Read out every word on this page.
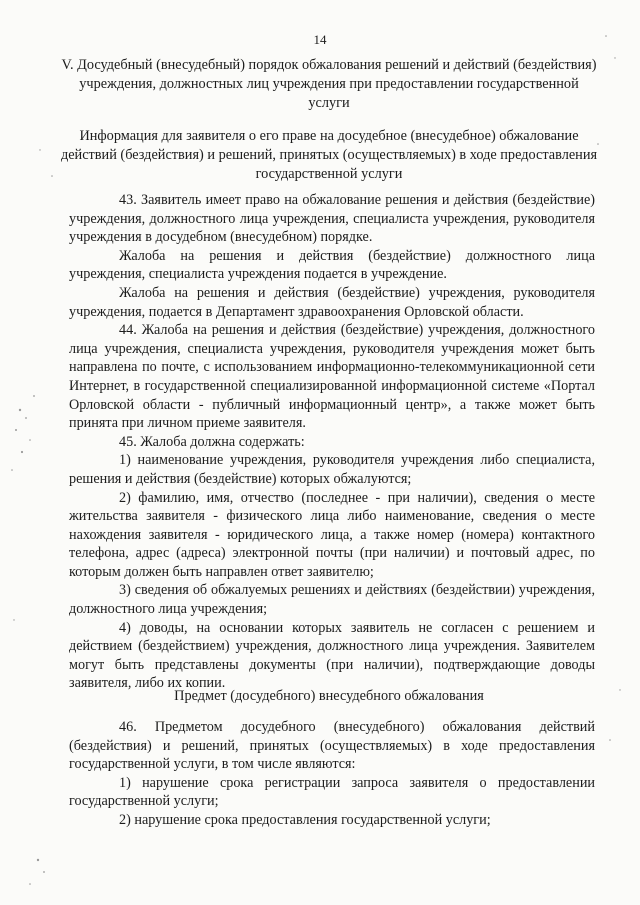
14
V. Досудебный (внесудебный) порядок обжалования решений и действий (бездействия) учреждения, должностных лиц учреждения при предоставлении государственной услуги
Информация для заявителя о его праве на досудебное (внесудебное) обжалование действий (бездействия) и решений, принятых (осуществляемых) в ходе предоставления государственной услуги

43. Заявитель имеет право на обжалование решения и действия (бездействие) учреждения, должностного лица учреждения, специалиста учреждения, руководителя учреждения в досудебном (внесудебном) порядке.

Жалоба на решения и действия (бездействие) должностного лица учреждения, специалиста учреждения подается в учреждение.

Жалоба на решения и действия (бездействие) учреждения, руководителя учреждения, подается в Департамент здравоохранения Орловской области.

44. Жалоба на решения и действия (бездействие) учреждения, должностного лица учреждения, специалиста учреждения, руководителя учреждения может быть направлена по почте, с использованием информационно-телекоммуникационной сети Интернет, в государственной специализированной информационной системе «Портал Орловской области - публичный информационный центр», а также может быть принята при личном приеме заявителя.

45. Жалоба должна содержать:

1) наименование учреждения, руководителя учреждения либо специалиста, решения и действия (бездействие) которых обжалуются;

2) фамилию, имя, отчество (последнее - при наличии), сведения о месте жительства заявителя - физического лица либо наименование, сведения о месте нахождения заявителя - юридического лица, а также номер (номера) контактного телефона, адрес (адреса) электронной почты (при наличии) и почтовый адрес, по которым должен быть направлен ответ заявителю;

3) сведения об обжалуемых решениях и действиях (бездействии) учреждения, должностного лица учреждения;

4) доводы, на основании которых заявитель не согласен с решением и действием (бездействием) учреждения, должностного лица учреждения. Заявителем могут быть представлены документы (при наличии), подтверждающие доводы заявителя, либо их копии.

Предмет (досудебного) внесудебного обжалования

46. Предметом досудебного (внесудебного) обжалования действий (бездействия) и решений, принятых (осуществляемых) в ходе предоставления государственной услуги, в том числе являются:

1) нарушение срока регистрации запроса заявителя о предоставлении государственной услуги;

2) нарушение срока предоставления государственной услуги;
